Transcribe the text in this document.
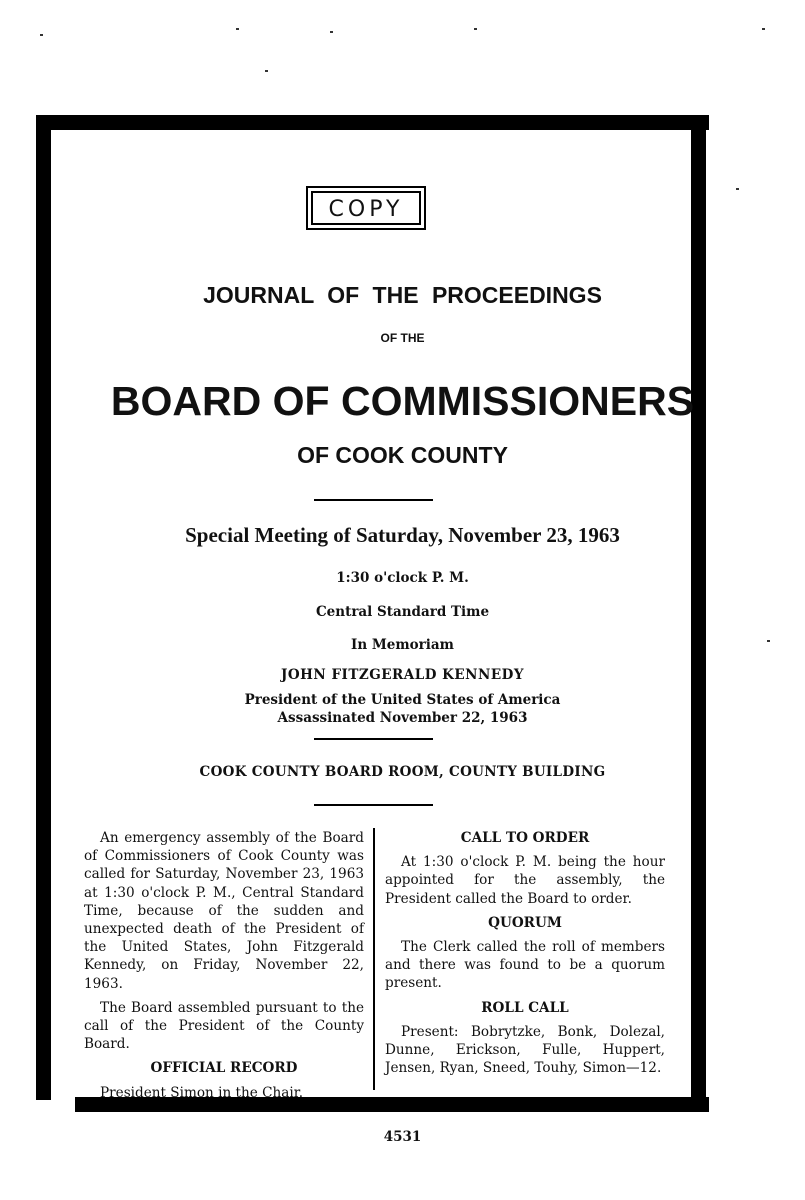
COPY
JOURNAL OF THE PROCEEDINGS
OF THE
BOARD OF COMMISSIONERS
OF COOK COUNTY
Special Meeting of Saturday, November 23, 1963
1:30 o'clock P. M.
Central Standard Time
In Memoriam
JOHN FITZGERALD KENNEDY
President of the United States of America
Assassinated November 22, 1963
COOK COUNTY BOARD ROOM, COUNTY BUILDING

An emergency assembly of the Board of Commissioners of Cook County was called for Saturday, November 23, 1963 at 1:30 o'clock P. M., Central Standard Time, because of the sudden and unexpected death of the President of the United States, John Fitzgerald Kennedy, on Friday, November 22, 1963.

The Board assembled pursuant to the call of the President of the County Board.

OFFICIAL RECORD

President Simon in the Chair.

CALL TO ORDER

At 1:30 o'clock P. M. being the hour appointed for the assembly, the President called the Board to order.

QUORUM

The Clerk called the roll of members and there was found to be a quorum present.

ROLL CALL

Present: Bobrytzke, Bonk, Dolezal, Dunne, Erickson, Fulle, Huppert, Jensen, Ryan, Sneed, Touhy, Simon—12.

4531
